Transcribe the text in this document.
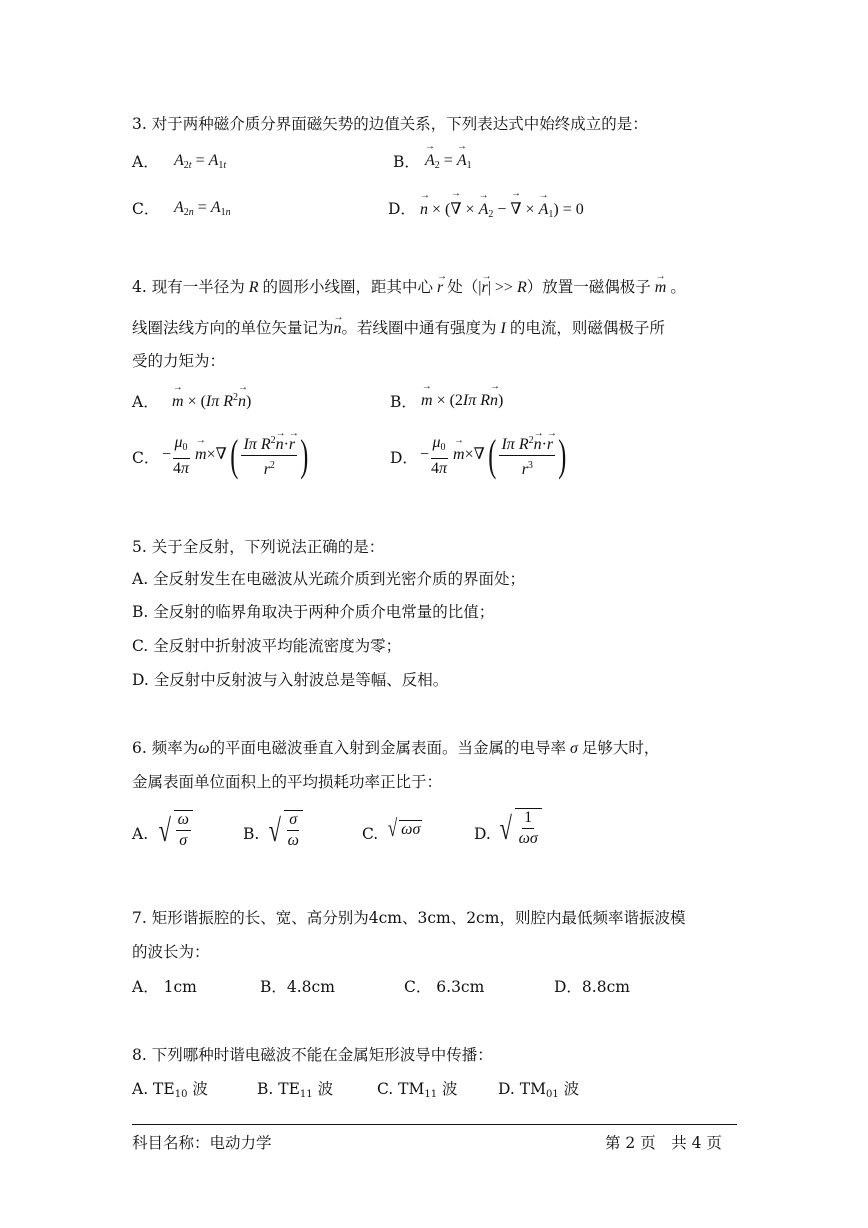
3. 对于两种磁介质分界面磁矢势的边值关系，下列表达式中始终成立的是：
A． $A_{2t} = A_{1t}$	B．
→ $A_2$ = → $A_1$
C． $A_{2n} = A_{1n}$	D．
→ n × (→ ∇ × → $A_2$ − → ∇ × → $A_1) = 0$
4. 现有一半径为 R 的圆形小线圈，距其中心 → r 处（|→ r| >> R）放置一磁偶极子 → m 。
线圈法线方向的单位矢量记为→ n。若线圈中通有强度为 I 的电流，则磁偶极子所
受的力矩为：
A．
→ m × (Iπ $R^2\to n$)	B．
→ m × (2Iπ R→ n)
C． − $\frac{\mu_0}{4\pi}$
→ $m\times\nabla( \frac{I\pi R^2\to n\cdot\to r}{r^2}$ )	D． − $\frac{\mu_0}{4\pi}$
→ $m\times\nabla( \frac{I\pi R^2\to n\cdot\to r}{r^3}$ )
5. 关于全反射，下列说法正确的是：
A. 全反射发生在电磁波从光疏介质到光密介质的界面处；
B. 全反射的临界角取决于两种介质介电常量的比值；
C. 全反射中折射波平均能流密度为零；
D. 全反射中反射波与入射波总是等幅、反相。
6. 频率为ω的平面电磁波垂直入射到金属表面。当金属的电导率 σ 足够大时，
金属表面单位面积上的平均损耗功率正比于：
A. √ $\frac{\omega}{\sigma}$	B. √ $\frac{\sigma}{\omega}$	C. √ ωσ	D. √ $\frac{1}{\omega\sigma}$
7. 矩形谐振腔的长、宽、高分别为4cm、3cm、2cm，则腔内最低频率谐振波模
的波长为：
A． 1cm	B．4.8cm	C． 6.3cm	D．8.8cm
8. 下列哪种时谐电磁波不能在金属矩形波导中传播：
A. $TE_{10}$ 波	B. $TE_{11}$ 波	C. $TM_{11}$ 波	D. $TM_{01}$ 波
科目名称：电动力学	第 2 页　共 4 页
